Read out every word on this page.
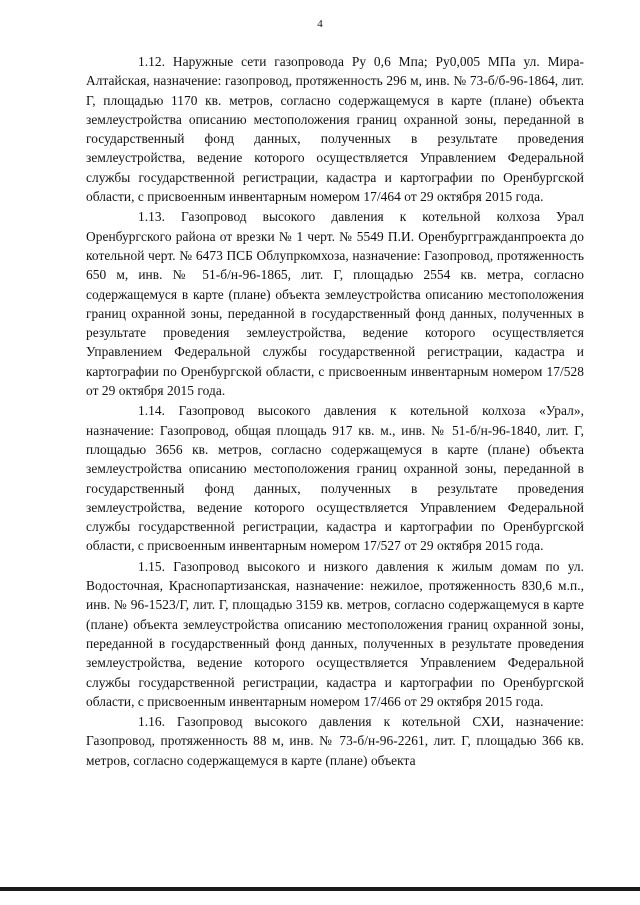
4

1.12. Наружные сети газопровода Ру 0,6 Мпа; Ру0,005 МПа ул. Мира-Алтайская, назначение: газопровод, протяженность 296 м, инв. № 73-б/б-96-1864, лит. Г, площадью 1170 кв. метров, согласно содержащемуся в карте (плане) объекта землеустройства описанию местоположения границ охранной зоны, переданной в государственный фонд данных, полученных в результате проведения землеустройства, ведение которого осуществляется Управлением Федеральной службы государственной регистрации, кадастра и картографии по Оренбургской области, с присвоенным инвентарным номером 17/464 от 29 октября 2015 года.

1.13. Газопровод высокого давления к котельной колхоза Урал Оренбургского района от врезки № 1 черт. № 5549 П.И. Оренбурггражданпроекта до котельной черт. № 6473 ПСБ Облупркомхоза, назначение: Газопровод, протяженность 650 м, инв. № 51-б/н-96-1865, лит. Г, площадью 2554 кв. метра, согласно содержащемуся в карте (плане) объекта землеустройства описанию местоположения границ охранной зоны, переданной в государственный фонд данных, полученных в результате проведения землеустройства, ведение которого осуществляется Управлением Федеральной службы государственной регистрации, кадастра и картографии по Оренбургской области, с присвоенным инвентарным номером 17/528 от 29 октября 2015 года.

1.14. Газопровод высокого давления к котельной колхоза «Урал», назначение: Газопровод, общая площадь 917 кв. м., инв. № 51-б/н-96-1840, лит. Г, площадью 3656 кв. метров, согласно содержащемуся в карте (плане) объекта землеустройства описанию местоположения границ охранной зоны, переданной в государственный фонд данных, полученных в результате проведения землеустройства, ведение которого осуществляется Управлением Федеральной службы государственной регистрации, кадастра и картографии по Оренбургской области, с присвоенным инвентарным номером 17/527 от 29 октября 2015 года.

1.15. Газопровод высокого и низкого давления к жилым домам по ул. Водосточная, Краснопартизанская, назначение: нежилое, протяженность 830,6 м.п., инв. № 96-1523/Г, лит. Г, площадью 3159 кв. метров, согласно содержащемуся в карте (плане) объекта землеустройства описанию местоположения границ охранной зоны, переданной в государственный фонд данных, полученных в результате проведения землеустройства, ведение которого осуществляется Управлением Федеральной службы государственной регистрации, кадастра и картографии по Оренбургской области, с присвоенным инвентарным номером 17/466 от 29 октября 2015 года.

1.16. Газопровод высокого давления к котельной СХИ, назначение: Газопровод, протяженность 88 м, инв. № 73-б/н-96-2261, лит. Г, площадью 366 кв. метров, согласно содержащемуся в карте (плане) объекта
